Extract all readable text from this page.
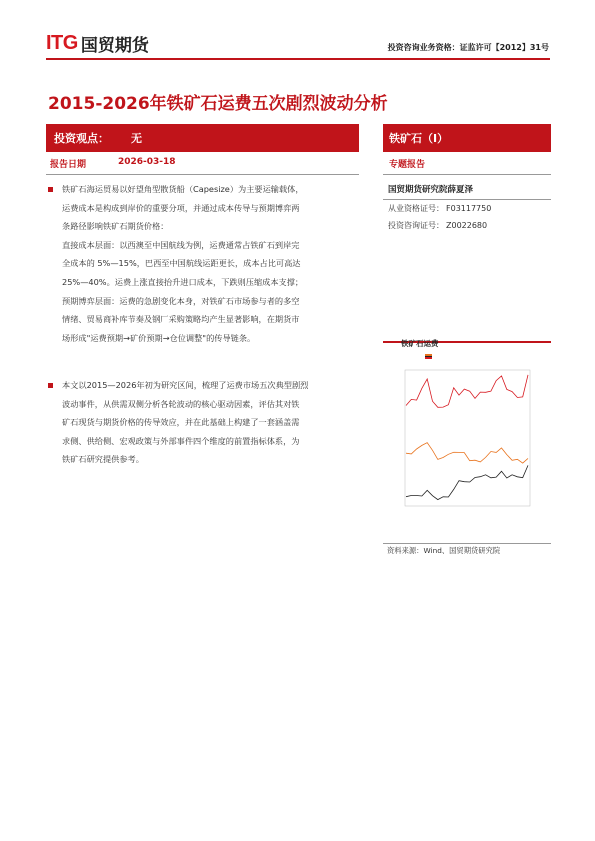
ITG 国贸期货	投资咨询业务资格：证监许可【2012】31号
2015-2026年铁矿石运费五次剧烈波动分析
投资观点： 无	铁矿石（I）
报告日期	2026-03-18	专题报告
铁矿石海运贸易以好望角型散货船（Capesize）为主要运输载体，
运费成本是构成到岸价的重要分项，并通过成本传导与预期博弈两
条路径影响铁矿石期货价格：
直接成本层面：以西澳至中国航线为例，运费通常占铁矿石到岸完
全成本的 5%—15%，巴西至中国航线运距更长，成本占比可高达
25%—40%。运费上涨直接抬升进口成本，下跌则压缩成本支撑；
预期博弈层面：运费的急剧变化本身，对铁矿石市场参与者的多空
情绪、贸易商补库节奏及钢厂采购策略均产生显著影响，在期货市
场形成"运费预期→矿价预期→仓位调整"的传导链条。
本文以2015—2026年初为研究区间，梳理了运费市场五次典型剧烈
波动事件，从供需双侧分析各轮波动的核心驱动因素，评估其对铁
矿石现货与期货价格的传导效应，并在此基础上构建了一套涵盖需
求侧、供给侧、宏观政策与外部事件四个维度的前置指标体系，为
铁矿石研究提供参考。
国贸期货研究院薛夏泽
从业资格证号： F03117750
投资咨询证号： Z0022680
铁矿石运费
资料来源：Wind、国贸期货研究院
